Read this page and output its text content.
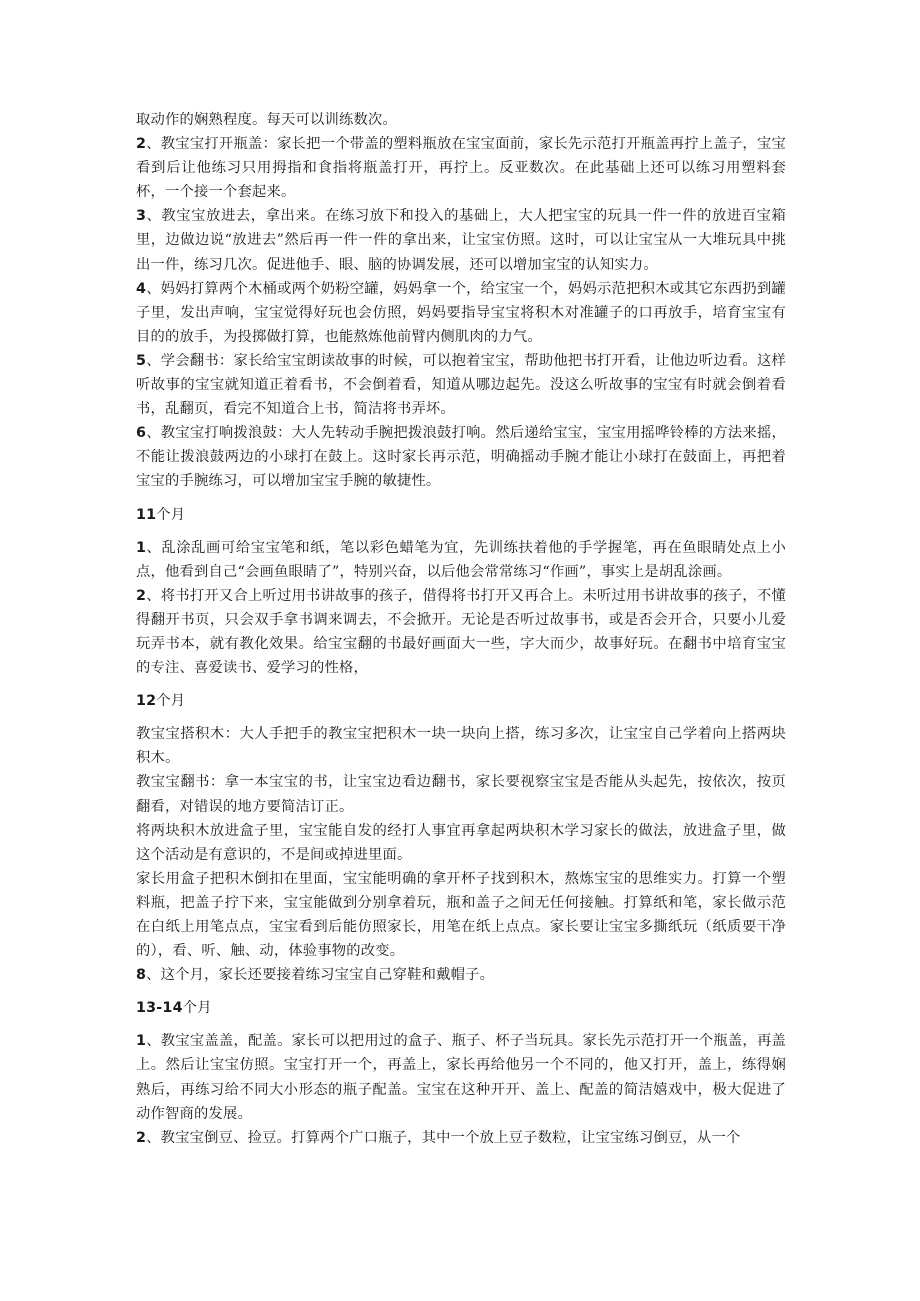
取动作的娴熟程度。每天可以训练数次。

2、教宝宝打开瓶盖：家长把一个带盖的塑料瓶放在宝宝面前，家长先示范打开瓶盖再拧上盖子，宝宝看到后让他练习只用拇指和食指将瓶盖打开，再拧上。反亚数次。在此基础上还可以练习用塑料套杯，一个接一个套起来。

3、教宝宝放进去，拿出来。在练习放下和投入的基础上，大人把宝宝的玩具一件一件的放进百宝箱里，边做边说“放进去”然后再一件一件的拿出来，让宝宝仿照。这时，可以让宝宝从一大堆玩具中挑出一件，练习几次。促进他手、眼、脑的协调发展，还可以增加宝宝的认知实力。

4、妈妈打算两个木桶或两个奶粉空罐，妈妈拿一个，给宝宝一个，妈妈示范把积木或其它东西扔到罐子里，发出声响，宝宝觉得好玩也会仿照，妈妈要指导宝宝将积木对准罐子的口再放手，培育宝宝有目的的放手，为投掷做打算，也能熬炼他前臂内侧肌肉的力气。

5、学会翻书：家长给宝宝朗读故事的时候，可以抱着宝宝，帮助他把书打开看，让他边听边看。这样听故事的宝宝就知道正着看书，不会倒着看，知道从哪边起先。没这么听故事的宝宝有时就会倒着看书，乱翻页，看完不知道合上书，简洁将书弄坏。

6、教宝宝打响拨浪鼓：大人先转动手腕把拨浪鼓打响。然后递给宝宝，宝宝用摇哗铃棒的方法来摇，不能让拨浪鼓两边的小球打在鼓上。这时家长再示范，明确摇动手腕才能让小球打在鼓面上，再把着宝宝的手腕练习，可以增加宝宝手腕的敏捷性。

11个月

1、乱涂乱画可给宝宝笔和纸，笔以彩色蜡笔为宜，先训练扶着他的手学握笔，再在鱼眼睛处点上小点，他看到自己“会画鱼眼睛了”，特别兴奋，以后他会常常练习“作画”，事实上是胡乱涂画。

2、将书打开又合上听过用书讲故事的孩子，借得将书打开又再合上。未听过用书讲故事的孩子，不懂得翻开书页，只会双手拿书调来调去，不会掀开。无论是否听过故事书，或是否会开合，只要小儿爱玩弄书本，就有教化效果。给宝宝翻的书最好画面大一些，字大而少，故事好玩。在翻书中培育宝宝的专注、喜爱读书、爱学习的性格，

12个月

教宝宝搭积木：大人手把手的教宝宝把积木一块一块向上搭，练习多次，让宝宝自己学着向上搭两块积木。

教宝宝翻书：拿一本宝宝的书，让宝宝边看边翻书，家长要视察宝宝是否能从头起先，按依次，按页翻看，对错误的地方要简洁订正。

将两块积木放进盒子里，宝宝能自发的经打人事宜再拿起两块积木学习家长的做法，放进盒子里，做这个活动是有意识的，不是间或掉进里面。

家长用盒子把积木倒扣在里面，宝宝能明确的拿开杯子找到积木，熬炼宝宝的思维实力。打算一个塑料瓶，把盖子拧下来，宝宝能做到分别拿着玩，瓶和盖子之间无任何接触。打算纸和笔，家长做示范在白纸上用笔点点，宝宝看到后能仿照家长，用笔在纸上点点。家长要让宝宝多撕纸玩（纸质要干净的），看、听、触、动，体验事物的改变。

8、这个月，家长还要接着练习宝宝自己穿鞋和戴帽子。

13-14个月

1、教宝宝盖盖，配盖。家长可以把用过的盒子、瓶子、杯子当玩具。家长先示范打开一个瓶盖，再盖上。然后让宝宝仿照。宝宝打开一个，再盖上，家长再给他另一个不同的，他又打开，盖上，练得娴熟后，再练习给不同大小形态的瓶子配盖。宝宝在这种开开、盖上、配盖的简洁嬉戏中，极大促进了动作智商的发展。

2、教宝宝倒豆、捡豆。打算两个广口瓶子，其中一个放上豆子数粒，让宝宝练习倒豆，从一个
